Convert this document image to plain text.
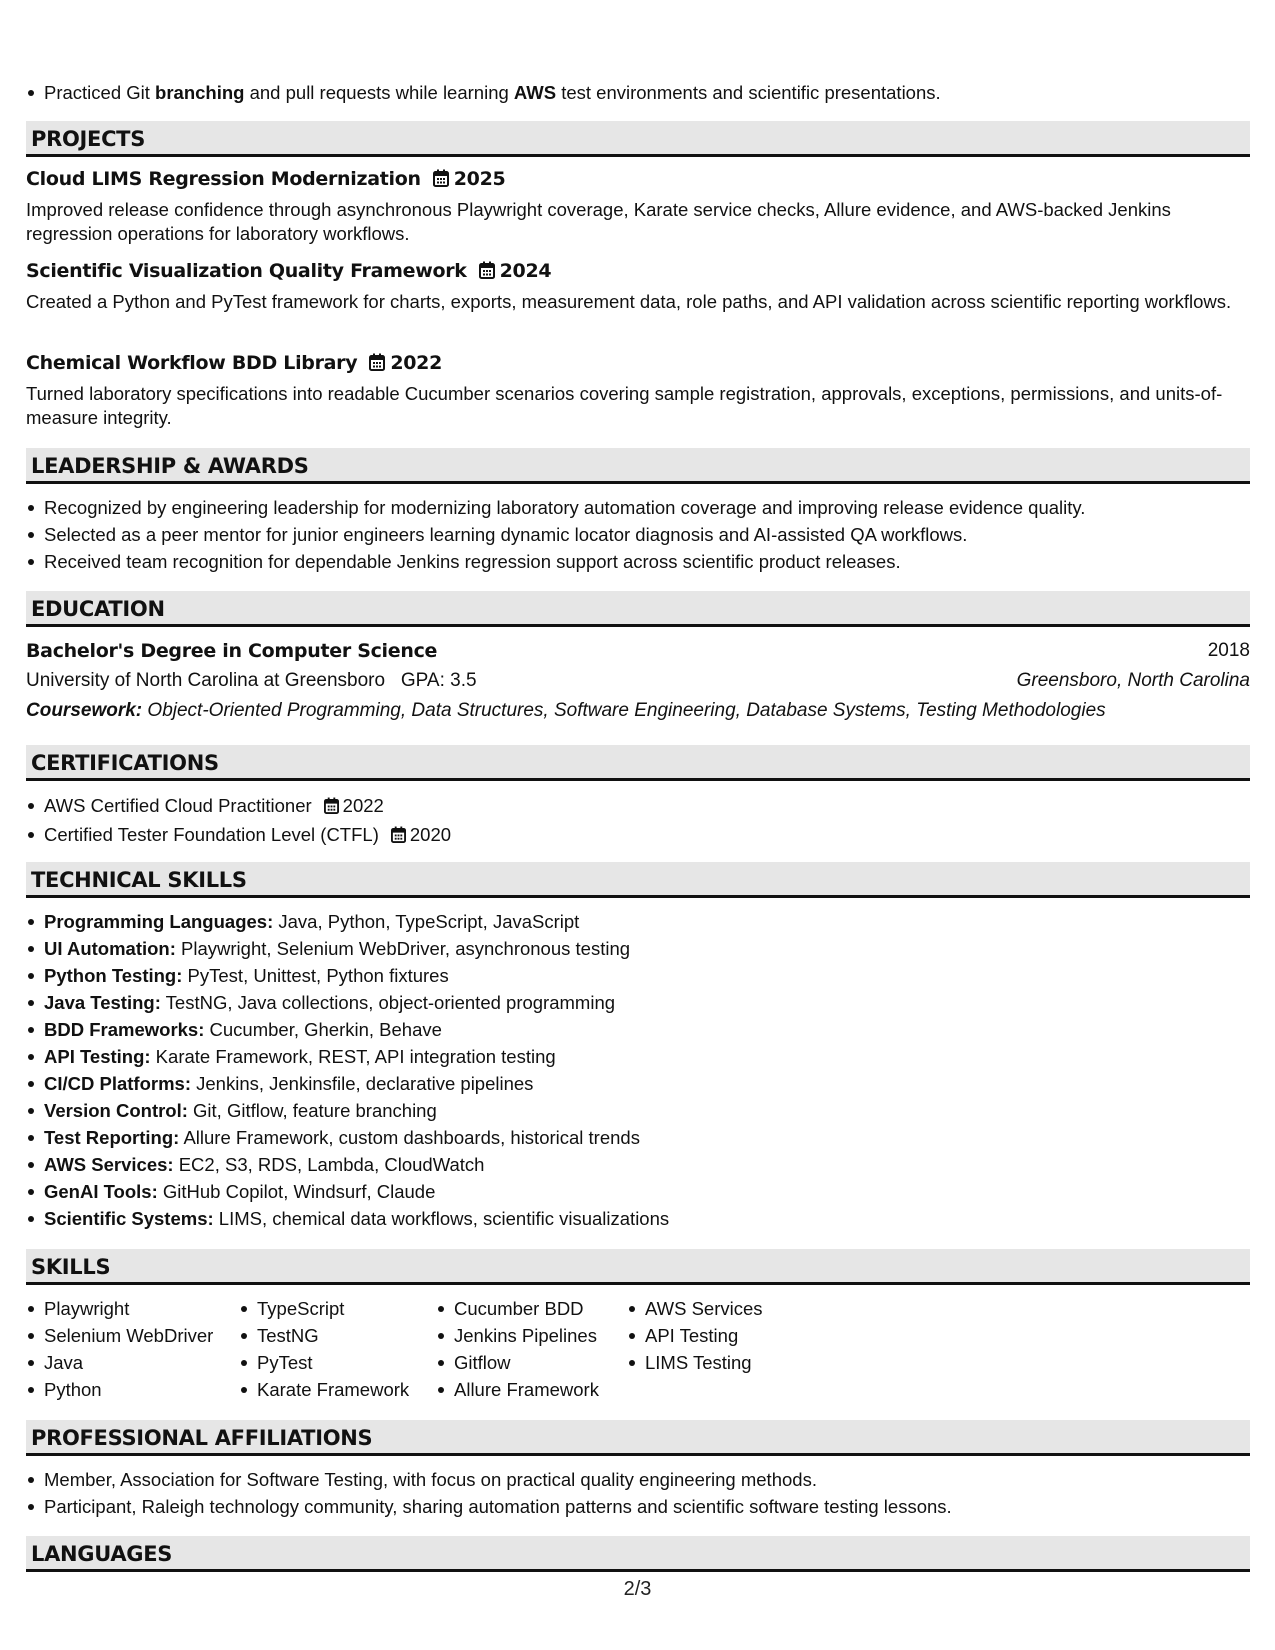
Practiced Git branching and pull requests while learning AWS test environments and scientific presentations.
PROJECTS
Cloud LIMS Regression Modernization 2025
Improved release confidence through asynchronous Playwright coverage, Karate service checks, Allure evidence, and AWS-backed Jenkins regression operations for laboratory workflows.
Scientific Visualization Quality Framework 2024
Created a Python and PyTest framework for charts, exports, measurement data, role paths, and API validation across scientific reporting workflows.
Chemical Workflow BDD Library 2022
Turned laboratory specifications into readable Cucumber scenarios covering sample registration, approvals, exceptions, permissions, and units-of-measure integrity.
LEADERSHIP & AWARDS
Recognized by engineering leadership for modernizing laboratory automation coverage and improving release evidence quality.
Selected as a peer mentor for junior engineers learning dynamic locator diagnosis and AI-assisted QA workflows.
Received team recognition for dependable Jenkins regression support across scientific product releases.
EDUCATION
Bachelor's Degree in Computer Science	2018
University of North Carolina at Greensboro GPA: 3.5	Greensboro, North Carolina
Coursework: Object-Oriented Programming, Data Structures, Software Engineering, Database Systems, Testing Methodologies
CERTIFICATIONS
AWS Certified Cloud Practitioner 2022
Certified Tester Foundation Level (CTFL) 2020
TECHNICAL SKILLS
Programming Languages: Java, Python, TypeScript, JavaScript
UI Automation: Playwright, Selenium WebDriver, asynchronous testing
Python Testing: PyTest, Unittest, Python fixtures
Java Testing: TestNG, Java collections, object-oriented programming
BDD Frameworks: Cucumber, Gherkin, Behave
API Testing: Karate Framework, REST, API integration testing
CI/CD Platforms: Jenkins, Jenkinsfile, declarative pipelines
Version Control: Git, Gitflow, feature branching
Test Reporting: Allure Framework, custom dashboards, historical trends
AWS Services: EC2, S3, RDS, Lambda, CloudWatch
GenAI Tools: GitHub Copilot, Windsurf, Claude
Scientific Systems: LIMS, chemical data workflows, scientific visualizations
SKILLS
Playwright
Selenium WebDriver
Java
Python
TypeScript
TestNG
PyTest
Karate Framework
Cucumber BDD
Jenkins Pipelines
Gitflow
Allure Framework
AWS Services
API Testing
LIMS Testing
PROFESSIONAL AFFILIATIONS
Member, Association for Software Testing, with focus on practical quality engineering methods.
Participant, Raleigh technology community, sharing automation patterns and scientific software testing lessons.
LANGUAGES
2/3
